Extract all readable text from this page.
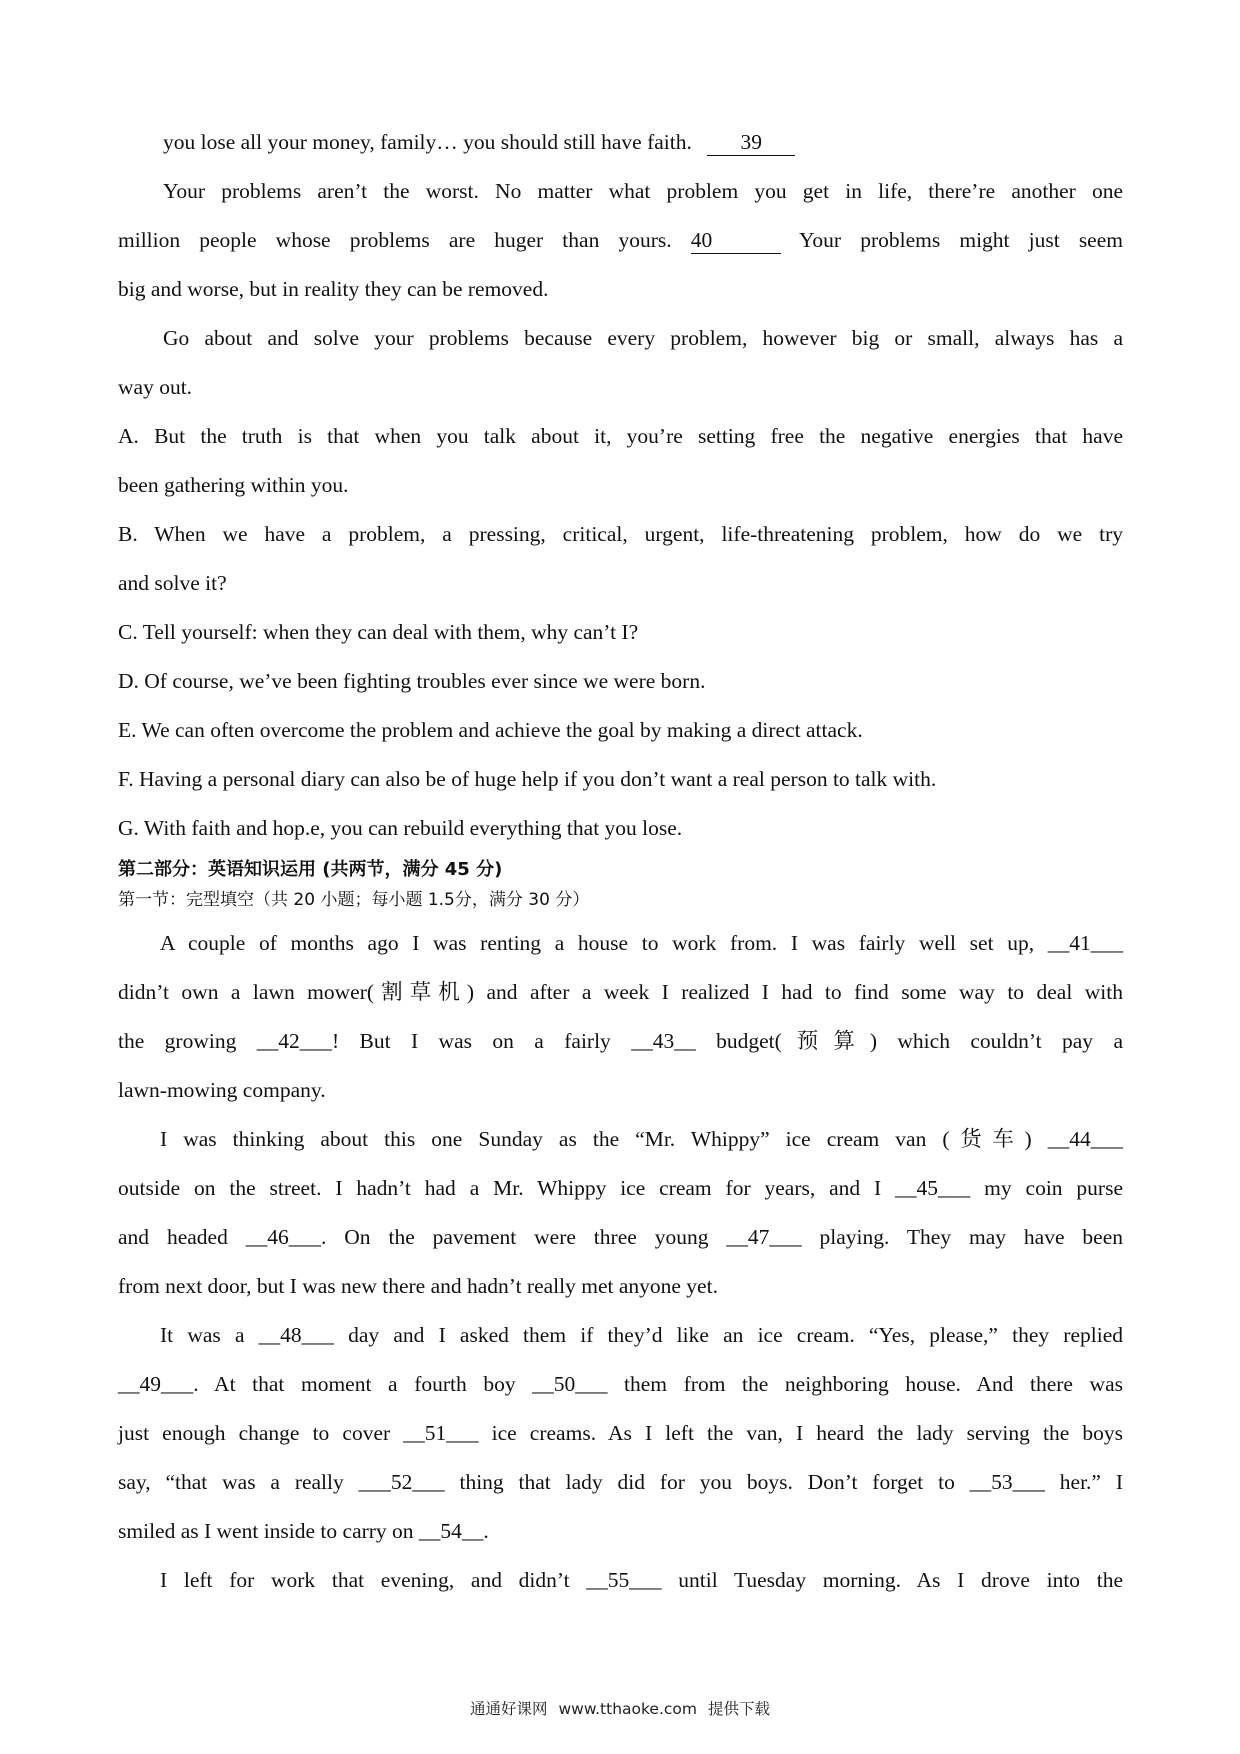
you lose all your money, family… you should still have faith. 39
Your problems aren’t the worst. No matter what problem you get in life, there’re another one
million people whose problems are huger than yours. 40	Your problems might just seem
big and worse, but in reality they can be removed.
Go about and solve your problems because every problem, however big or small, always has a
way out.
A. But the truth is that when you talk about it, you’re setting free the negative energies that have
been gathering within you.
B. When we have a problem, a pressing, critical, urgent, life-threatening problem, how do we try
and solve it?
C. Tell yourself: when they can deal with them, why can’t I?
D. Of course, we’ve been fighting troubles ever since we were born.
E. We can often overcome the problem and achieve the goal by making a direct attack.
F. Having a personal diary can also be of huge help if you don’t want a real person to talk with.
G. With faith and hop.e, you can rebuild everything that you lose.
第二部分：英语知识运用 (共两节，满分 45 分)
第一节：完型填空（共 20 小题；每小题 1.5分，满分 30 分）
A couple of months ago I was renting a house to work from. I was fairly well set up, __41___
didn’t own a lawn mower(割草机) and after a week I realized I had to find some way to deal with
the growing __42___! But I was on a fairly __43__ budget(预算) which couldn’t pay a
lawn-mowing company.
I was thinking about this one Sunday as the “Mr. Whippy” ice cream van (货车) __44___
outside on the street. I hadn’t had a Mr. Whippy ice cream for years, and I __45___ my coin purse
and headed __46___. On the pavement were three young __47___ playing. They may have been
from next door, but I was new there and hadn’t really met anyone yet.
It was a __48___ day and I asked them if they’d like an ice cream. “Yes, please,” they replied
__49___. At that moment a fourth boy __50___ them from the neighboring house. And there was
just enough change to cover __51___ ice creams. As I left the van, I heard the lady serving the boys
say, “that was a really ___52___ thing that lady did for you boys. Don’t forget to __53___ her.” I
smiled as I went inside to carry on __54__.
I left for work that evening, and didn’t __55___ until Tuesday morning. As I drove into the
通通好课网 www.tthaoke.com 提供下载
